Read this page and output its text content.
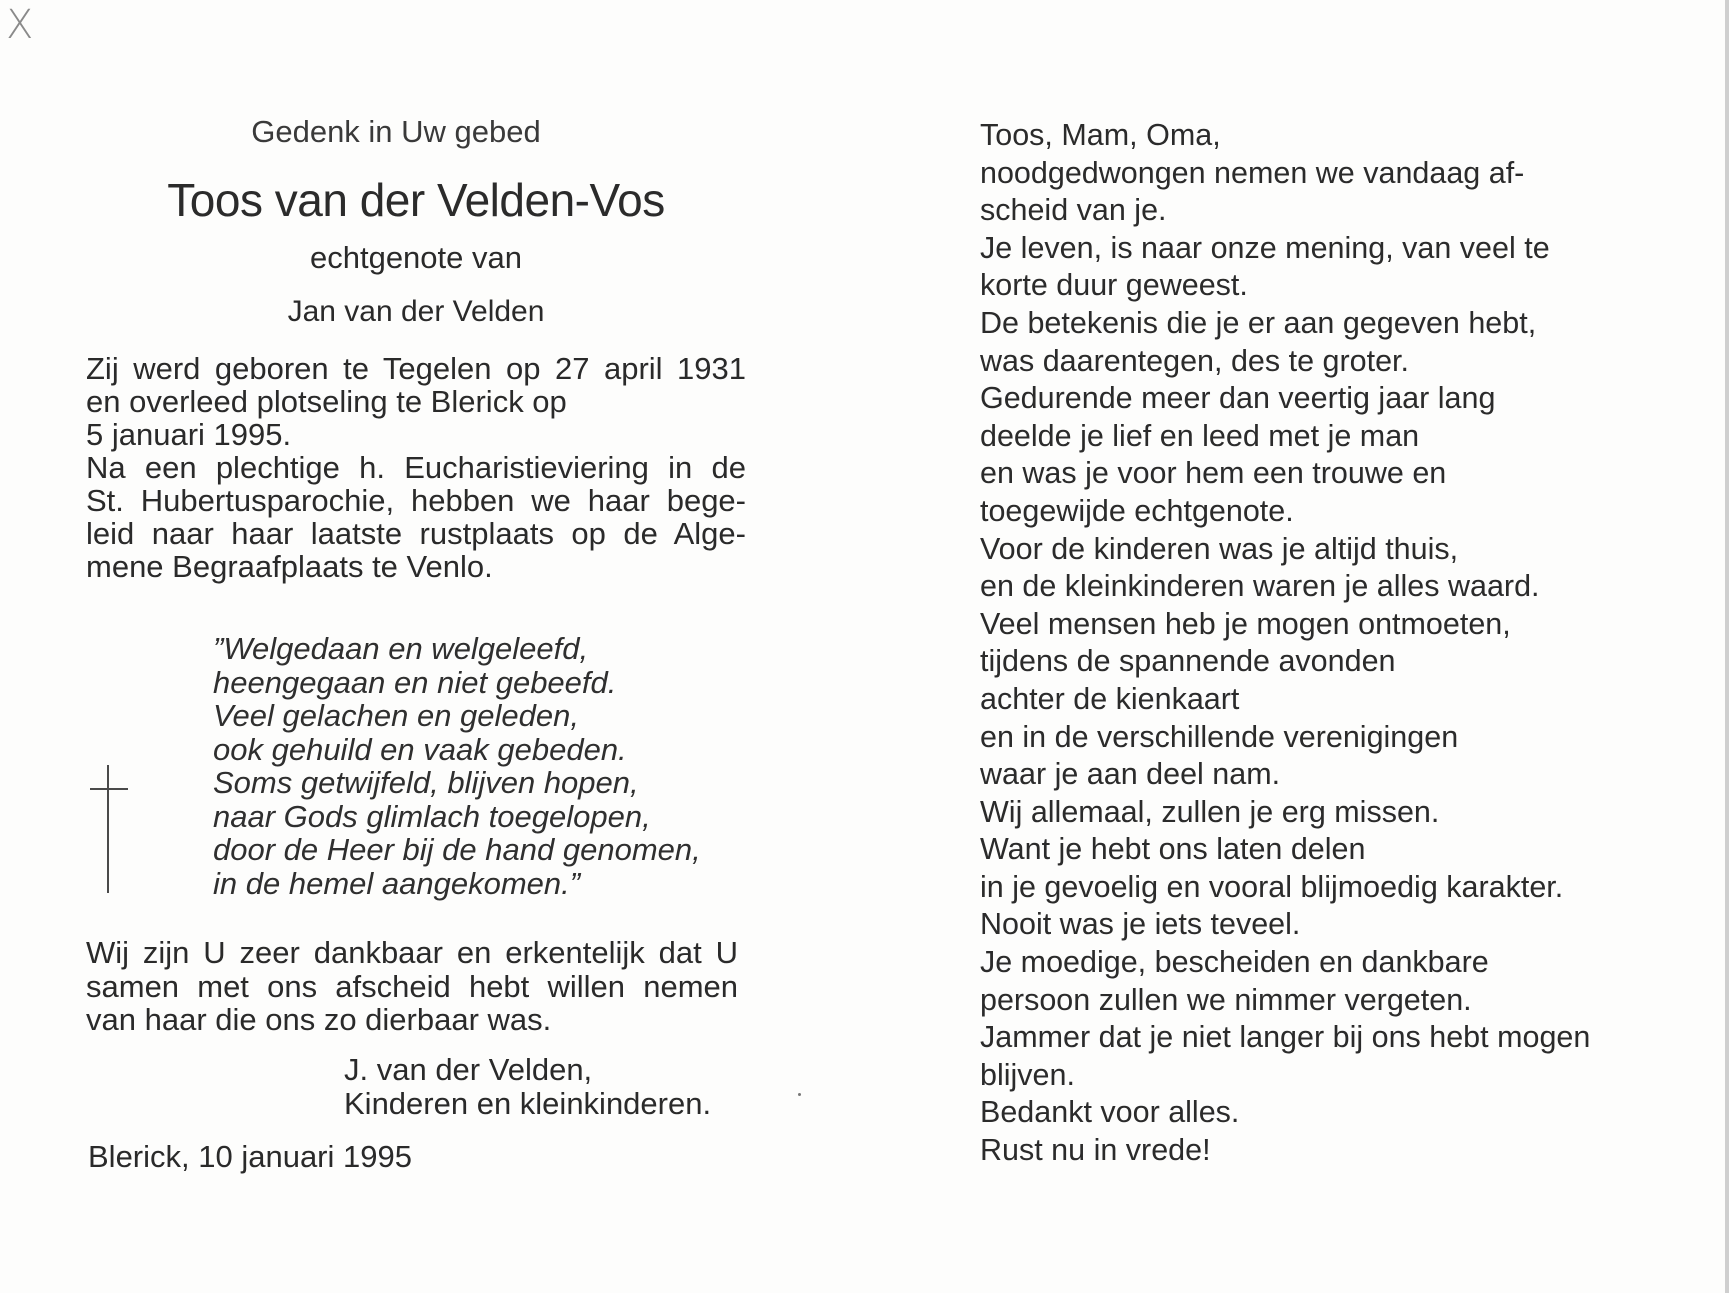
X
Gedenk in Uw gebed
Toos van der Velden-Vos
echtgenote van
Jan van der Velden

Zij werd geboren te Tegelen op 27 april 1931
en overleed plotseling te Blerick op
5 januari 1995.

Na een plechtige h. Eucharistieviering in de
St. Hubertusparochie, hebben we haar bege-
leid naar haar laatste rustplaats op de Alge-
mene Begraafplaats te Venlo.

”Welgedaan en welgeleefd,
heengegaan en niet gebeefd.
Veel gelachen en geleden,
ook gehuild en vaak gebeden.
Soms getwijfeld, blijven hopen,
naar Gods glimlach toegelopen,
door de Heer bij de hand genomen,
in de hemel aangekomen.”
Wij zijn U zeer dankbaar en erkentelijk dat U
samen met ons afscheid hebt willen nemen
van haar die ons zo dierbaar was.
J. van der Velden,
Kinderen en kleinkinderen.
Blerick, 10 januari 1995
Toos, Mam, Oma,
noodgedwongen nemen we vandaag af-
scheid van je.
Je leven, is naar onze mening, van veel te
korte duur geweest.
De betekenis die je er aan gegeven hebt,
was daarentegen, des te groter.
Gedurende meer dan veertig jaar lang
deelde je lief en leed met je man
en was je voor hem een trouwe en
toegewijde echtgenote.
Voor de kinderen was je altijd thuis,
en de kleinkinderen waren je alles waard.
Veel mensen heb je mogen ontmoeten,
tijdens de spannende avonden
achter de kienkaart
en in de verschillende verenigingen
waar je aan deel nam.
Wij allemaal, zullen je erg missen.
Want je hebt ons laten delen
in je gevoelig en vooral blijmoedig karakter.
Nooit was je iets teveel.
Je moedige, bescheiden en dankbare
persoon zullen we nimmer vergeten.
Jammer dat je niet langer bij ons hebt mogen
blijven.
Bedankt voor alles.
Rust nu in vrede!
